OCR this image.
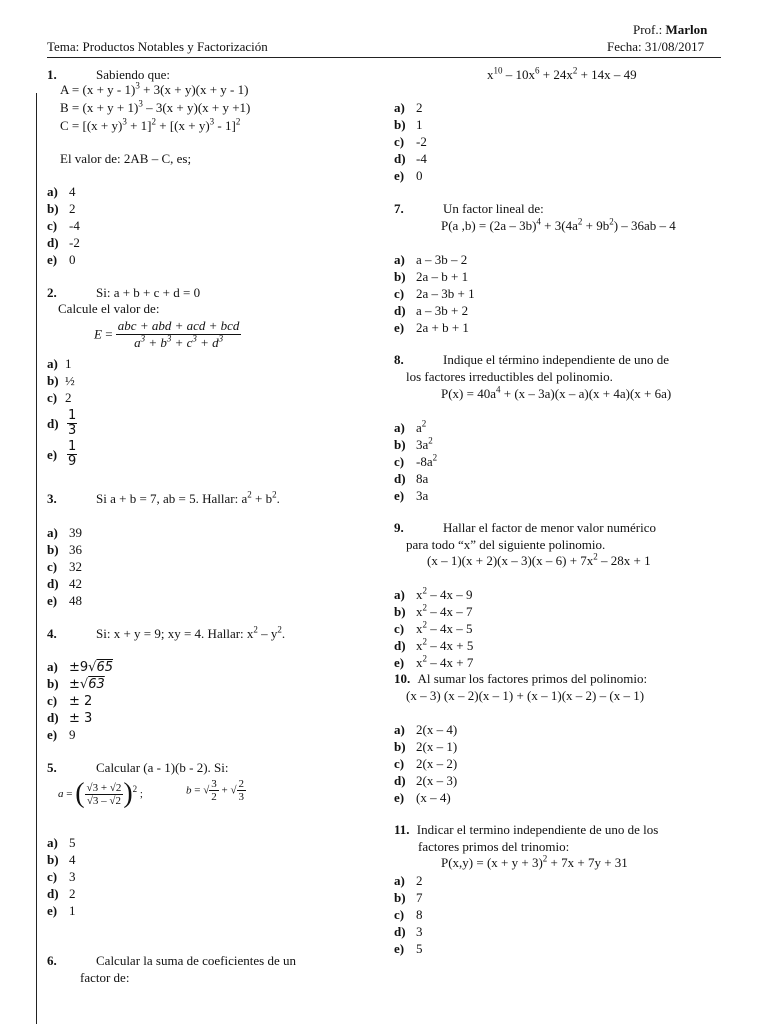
Prof.: Marlon
Tema: Productos Notables y Factorización	Fecha: 31/08/2017
1.	Sabiendo que:
$A = (x + y - 1)^3 + 3(x + y)(x + y - 1)$
$B = (x + y + 1)^3 - 3(x + y)(x + y +1)$
$C = [(x + y)^3 + 1]^2 + [(x + y)^3 - 1]^2$
El valor de: 2AB – C, es;
a) 4
b) 2
c) -4
d) -2
e) 0
2.	Si: a + b + c + d = 0
Calcule el valor de:
$E = \frac{\text{abc + abd + acd + bcd}}{a^3 + b^3 + c^3 + d^3}$
a) 1
b) ½
c) 2
$d) \frac{1}{3}$
$e) \frac{1}{9}$
3.	Si a + b = 7, ab = 5. Hallar: $a^2 + b^2$.
a) 39
b) 36
c) 32
d) 42
e) 48
4.	Si: x + y = 9; xy = 4. Hallar: $x^2 - y^2$.
a) ±9√65
b) ±√63
c) ± 2
d) ± 3
e) 9
5.	Calcular (a - 1)(b - 2). Si:
a = ( $\frac{√3 + √2}{√3 - √2} )^2$ ;	b = √ $\frac{3}{2}$ + √ $\frac{2}{3}$
a) 5
b) 4
c) 3
d) 2
e) 1
6.	Calcular la suma de coeficientes de un
factor de:
$x^{10} - 10x^6 + 24x^2 + 14x - 49$
a) 2
b) 1
c) -2
d) -4
e) 0
7.	Un factor lineal de:
P(a $,b) = (2a - 3b)^4 + 3(4a^2 + 9b^2) - 36ab - 4$
a) a – 3b – 2
b) 2a – b + 1
c) 2a – 3b + 1
d) a – 3b + 2
e) 2a + b + 1
8.	Indique el término independiente de uno de
los factores irreductibles del polinomio.
$P(x) = 40a^4 + (x - 3a)(x - a)(x + 4a)(x + 6a)$
a) $a^2$
b) $3a^2$
c) $-8a^2$
d) 8a
e) 3a
9.	Hallar el factor de menor valor numérico
para todo “x” del siguiente polinomio.
$(x - 1)(x + 2)(x - 3)(x - 6) + 7x^2 - 28x + 1$
a) $x^2 - 4x - 9$
b) $x^2 - 4x - 7$
c) $x^2 - 4x - 5$
d) $x^2 - 4x + 5$
e) $x^2 - 4x + 7$
10. Al sumar los factores primos del polinomio:
(x – 3) (x – 2)(x – 1) + (x – 1)(x – 2) – (x – 1)
a) 2(x – 4)
b) 2(x – 1)
c) 2(x – 2)
d) 2(x – 3)
e) (x – 4)
11. Indicar el termino independiente de uno de los
factores primos del trinomio:
$P(x,y) = (x + y + 3)^2 + 7x + 7y + 31$
a) 2
b) 7
c) 8
d) 3
e) 5
